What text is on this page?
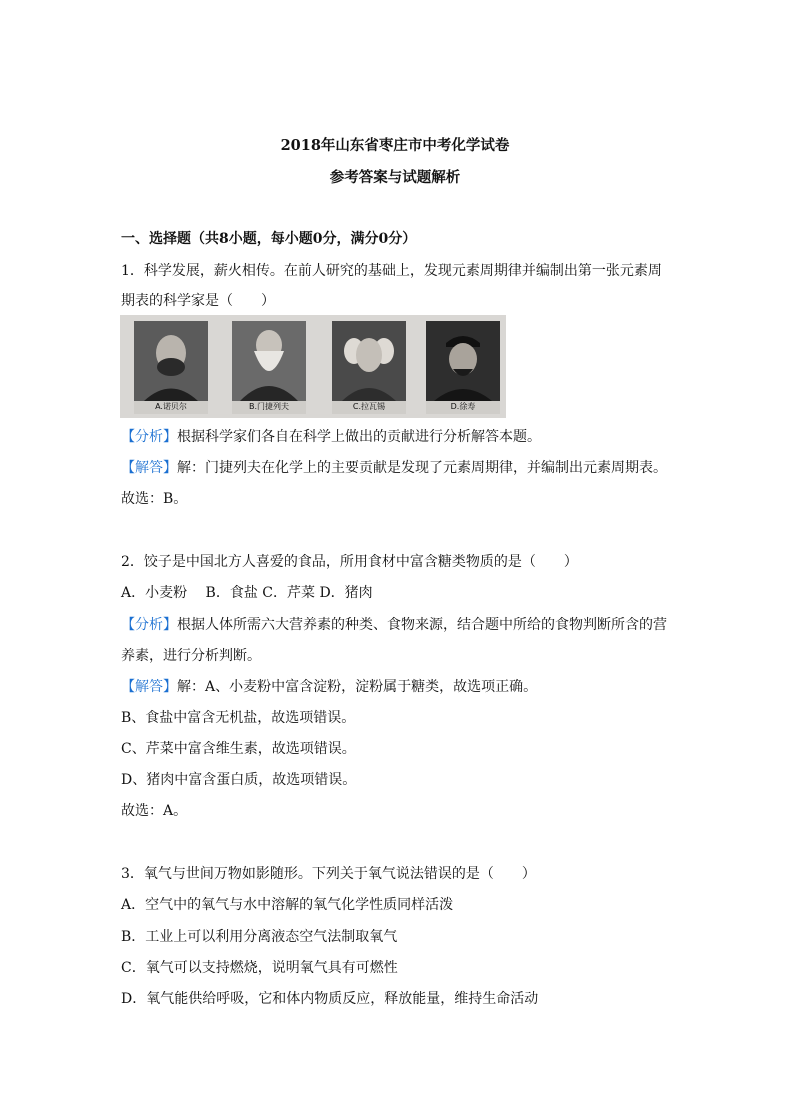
2018年山东省枣庄市中考化学试卷
参考答案与试题解析
一、选择题（共8小题，每小题0分，满分0分）
1．科学发展，薪火相传。在前人研究的基础上，发现元素周期律并编制出第一张元素周
期表的科学家是（　　）
A.诺贝尔	B.门捷列夫	C.拉瓦锡	D.徐寿
【分析】根据科学家们各自在科学上做出的贡献进行分析解答本题。
【解答】解：门捷列夫在化学上的主要贡献是发现了元素周期律，并编制出元素周期表。
故选：B。
2．饺子是中国北方人喜爱的食品，所用食材中富含糖类物质的是（　　）
A．小麦粉　 B．食盐 C．芹菜 D．猪肉
【分析】根据人体所需六大营养素的种类、食物来源，结合题中所给的食物判断所含的营
养素，进行分析判断。
【解答】解：A、小麦粉中富含淀粉，淀粉属于糖类，故选项正确。
B、食盐中富含无机盐，故选项错误。
C、芹菜中富含维生素，故选项错误。
D、猪肉中富含蛋白质，故选项错误。
故选：A。
3．氧气与世间万物如影随形。下列关于氧气说法错误的是（　　）
A．空气中的氧气与水中溶解的氧气化学性质同样活泼
B．工业上可以利用分离液态空气法制取氧气
C．氧气可以支持燃烧，说明氧气具有可燃性
D．氧气能供给呼吸，它和体内物质反应，释放能量，维持生命活动
